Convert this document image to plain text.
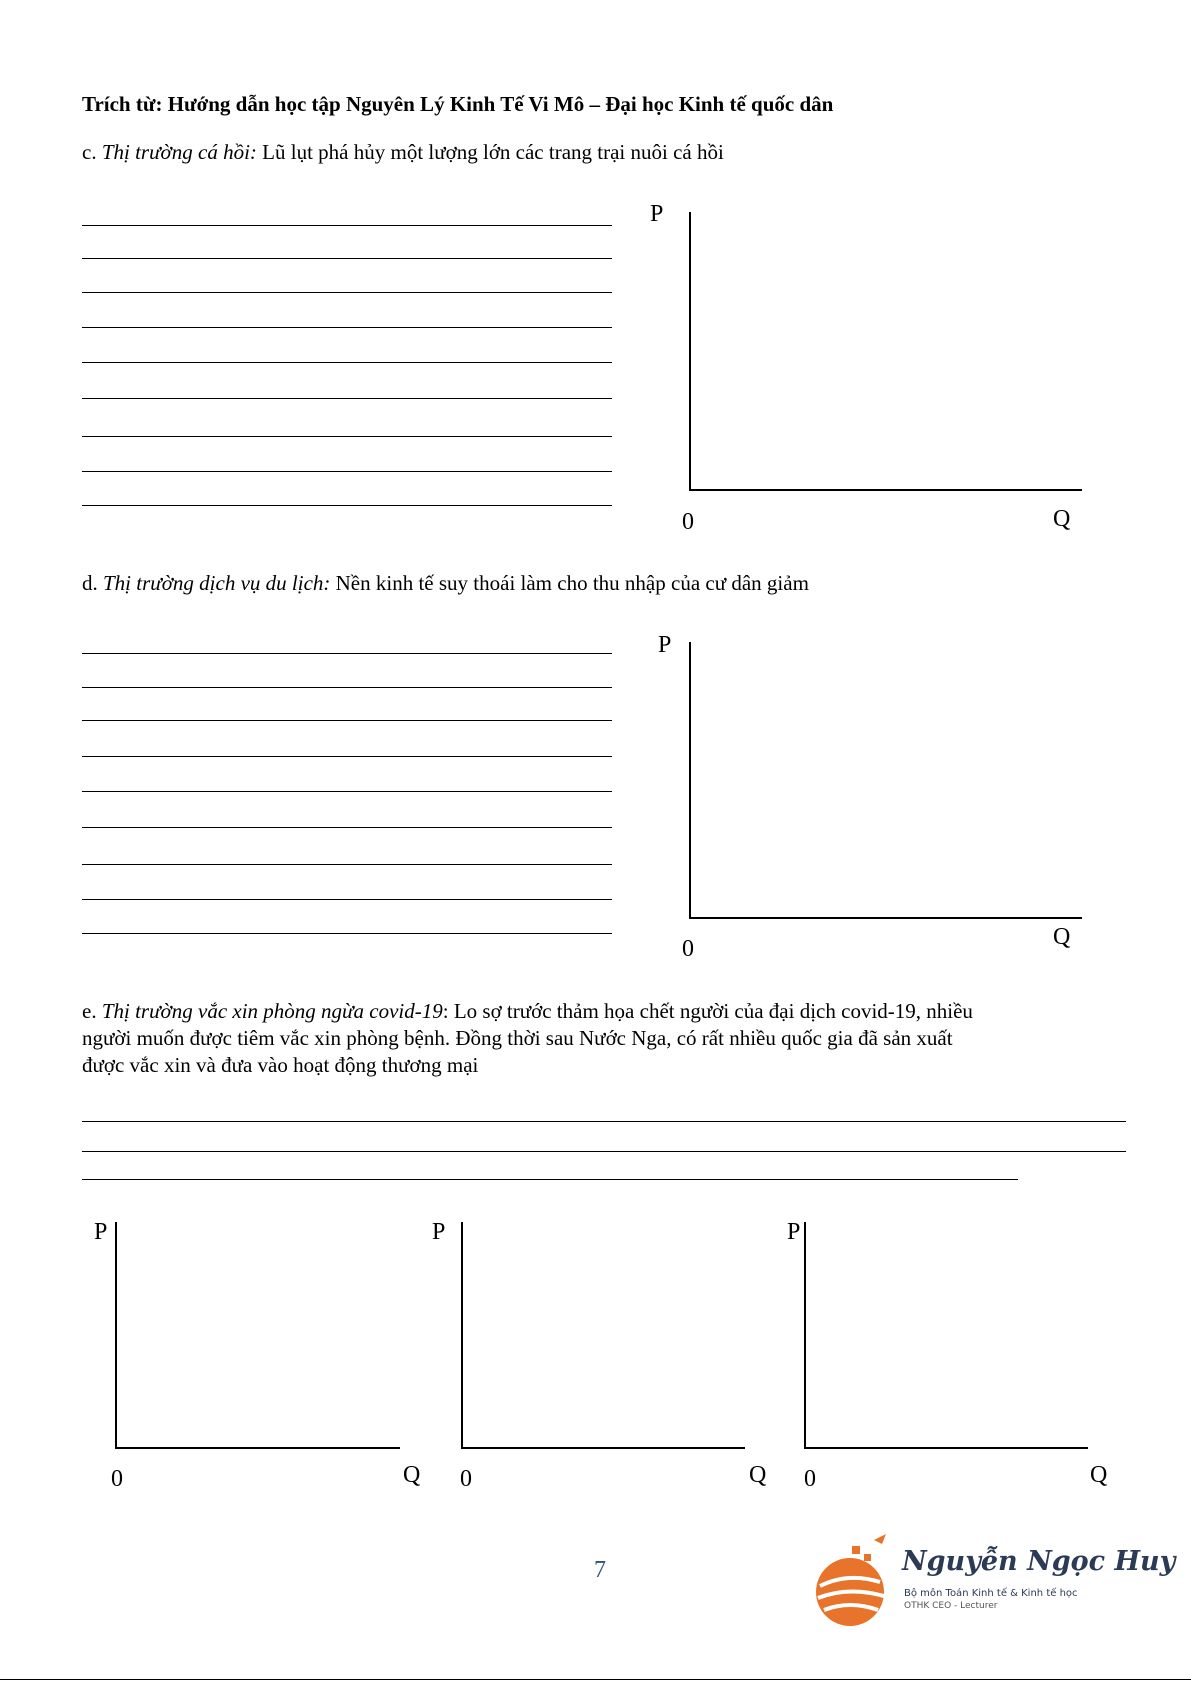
Trích từ: Hướng dẫn học tập Nguyên Lý Kinh Tế Vi Mô – Đại học Kinh tế quốc dân
c. Thị trường cá hồi: Lũ lụt phá hủy một lượng lớn các trang trại nuôi cá hồi
P
0	Q
d. Thị trường dịch vụ du lịch: Nền kinh tế suy thoái làm cho thu nhập của cư dân giảm
P
0	Q
e. Thị trường vắc xin phòng ngừa covid-19: Lo sợ trước thảm họa chết người của đại dịch covid-19, nhiều
người muốn được tiêm vắc xin phòng bệnh. Đồng thời sau Nước Nga, có rất nhiều quốc gia đã sản xuất
được vắc xin và đưa vào hoạt động thương mại
P
0	Q
P
0	Q
P
0	Q
7	Nguyễn Ngọc Huy
Bộ môn Toán Kinh tế & Kinh tế học
OTHK CEO - Lecturer
